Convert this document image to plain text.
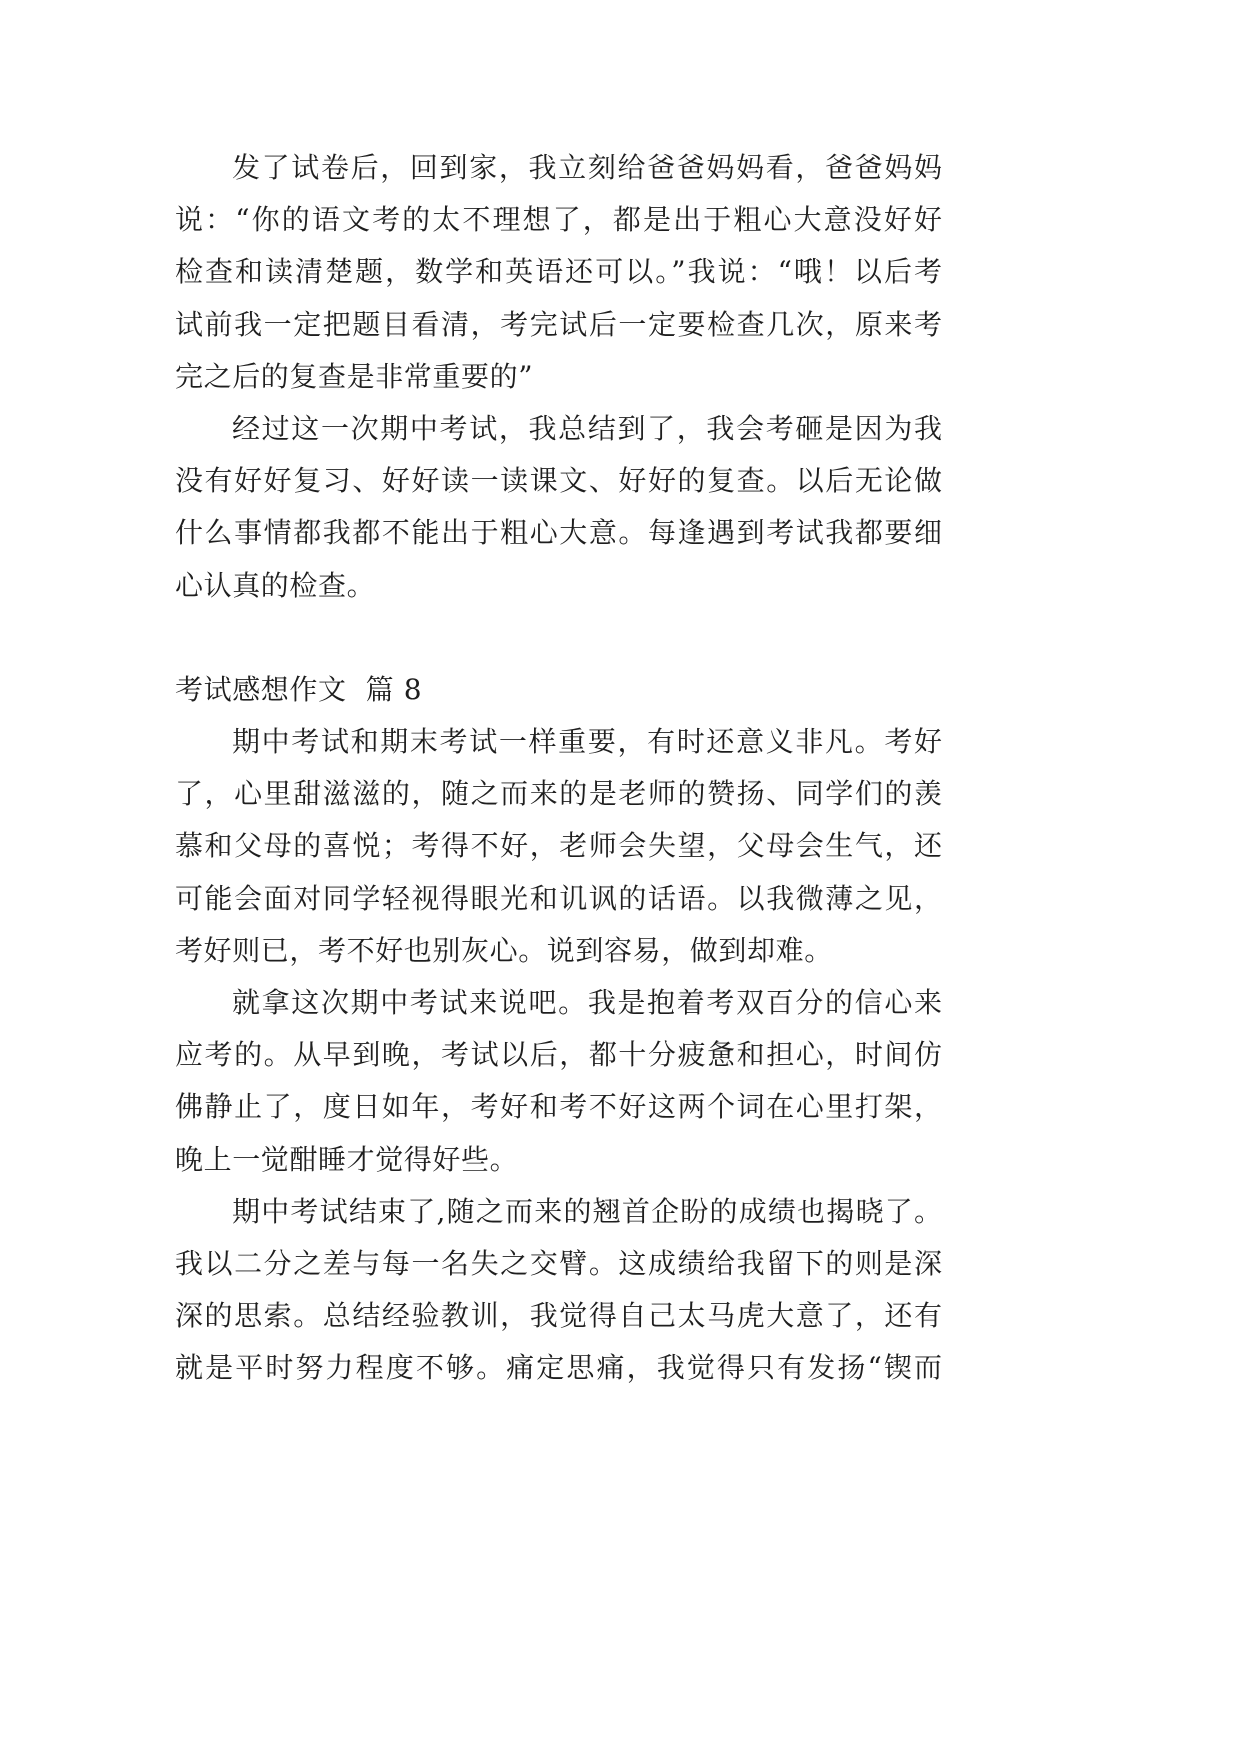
发了试卷后，回到家，我立刻给爸爸妈妈看，爸爸妈妈
说：“你的语文考的太不理想了，都是出于粗心大意没好好
检查和读清楚题，数学和英语还可以。”我说：“哦！以后考
试前我一定把题目看清，考完试后一定要检查几次，原来考
完之后的复查是非常重要的”
经过这一次期中考试，我总结到了，我会考砸是因为我
没有好好复习、好好读一读课文、好好的复查。以后无论做
什么事情都我都不能出于粗心大意。每逢遇到考试我都要细
心认真的检查。
考试感想作文  篇 8
期中考试和期末考试一样重要，有时还意义非凡。考好
了，心里甜滋滋的，随之而来的是老师的赞扬、同学们的羡
慕和父母的喜悦；考得不好，老师会失望，父母会生气，还
可能会面对同学轻视得眼光和讥讽的话语。以我微薄之见，
考好则已，考不好也别灰心。说到容易，做到却难。
就拿这次期中考试来说吧。我是抱着考双百分的信心来
应考的。从早到晚，考试以后，都十分疲惫和担心，时间仿
佛静止了，度日如年，考好和考不好这两个词在心里打架，
晚上一觉酣睡才觉得好些。
期中考试结束了,随之而来的翘首企盼的成绩也揭晓了。
我以二分之差与每一名失之交臂。这成绩给我留下的则是深
深的思索。总结经验教训，我觉得自己太马虎大意了，还有
就是平时努力程度不够。痛定思痛，我觉得只有发扬“锲而
